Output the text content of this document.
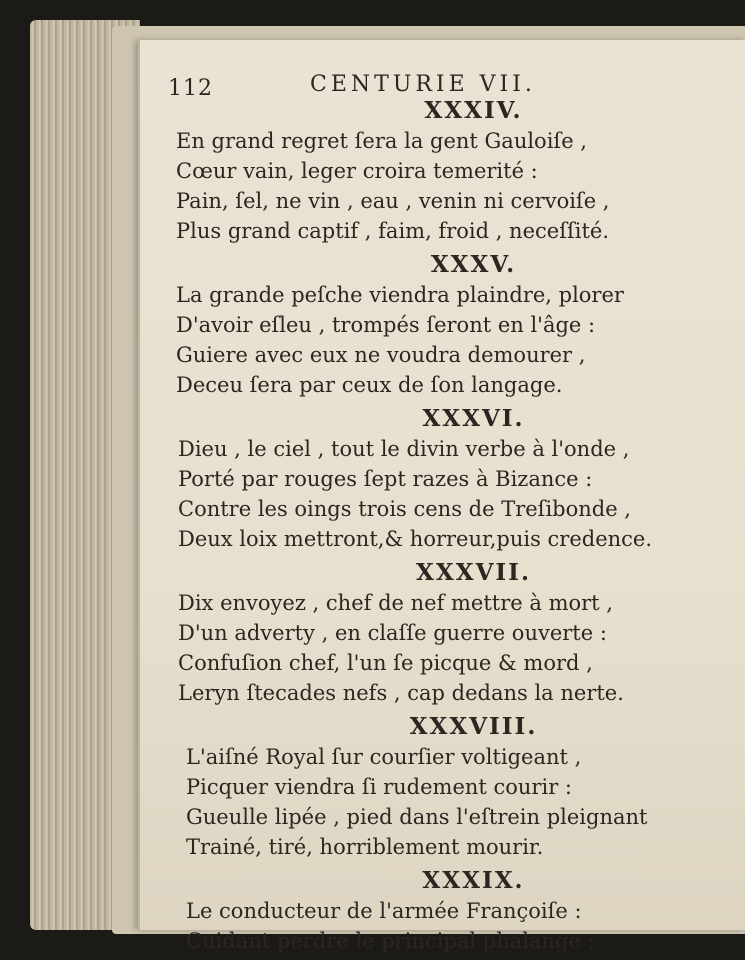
112	CENTURIE VII.

XXXIV.

En grand regret ſera la gent Gauloiſe ,

Cœur vain, leger croira temerité :

Pain, ſel, ne vin , eau , venin ni cervoiſe ,

Plus grand captif , faim, froid , neceſſité.

XXXV.

La grande peſche viendra plaindre, plorer

D'avoir eſleu , trompés ſeront en l'âge :

Guiere avec eux ne voudra demourer ,

Deceu ſera par ceux de ſon langage.

XXXVI.

Dieu , le ciel , tout le divin verbe à l'onde ,

Porté par rouges ſept razes à Bizance :

Contre les oings trois cens de Treſibonde ,

Deux loix mettront,& horreur,puis credence.

XXXVII.

Dix envoyez , chef de nef mettre à mort ,

D'un adverty , en claſſe guerre ouverte :

Confuſion chef, l'un ſe picque & mord ,

Leryn ſtecades nefs , cap dedans la nerte.

XXXVIII.

L'aiſné Royal ſur courſier voltigeant ,

Picquer viendra ſi rudement courir :

Gueulle lipée , pied dans l'eſtrein pleignant

Trainé, tiré, horriblement mourir.

XXXIX.

Le conducteur de l'armée Françoiſe :

Cuidant perdre le principal phalange :
